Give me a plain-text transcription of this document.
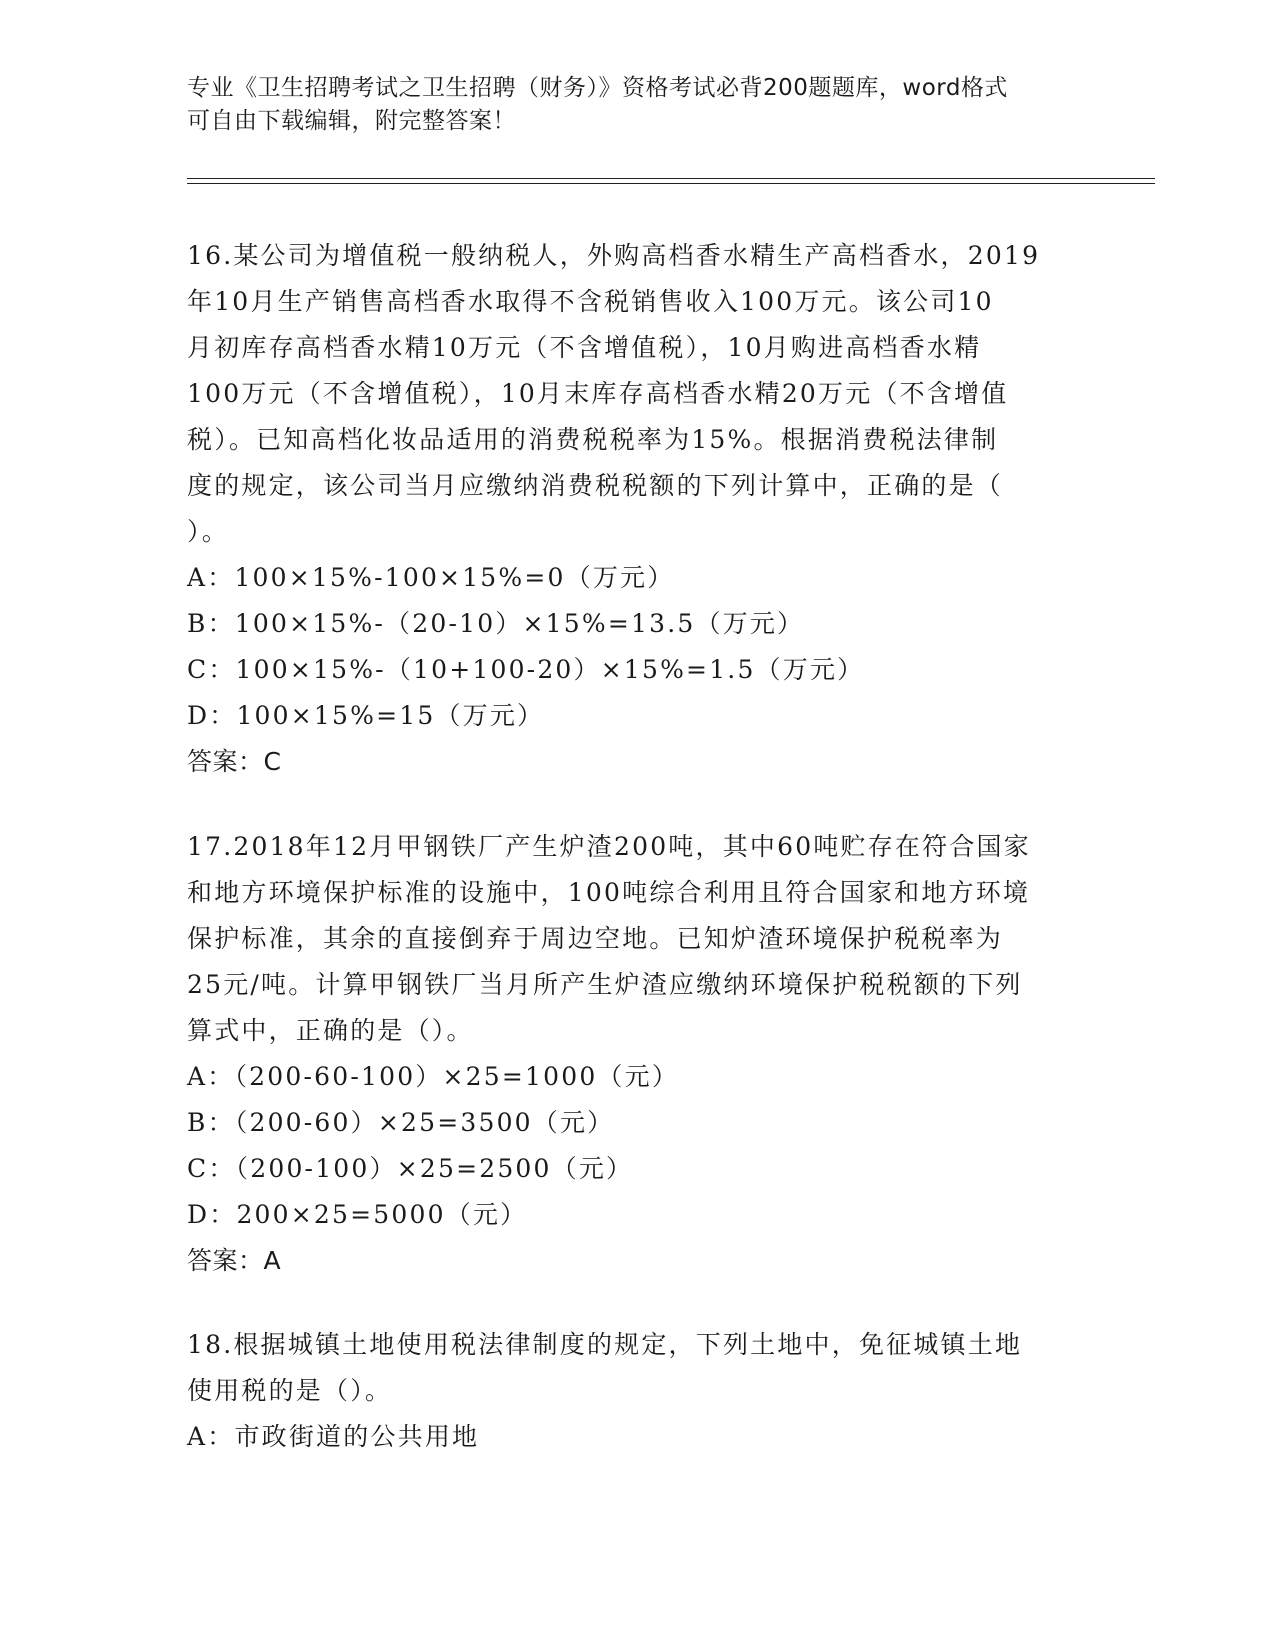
专业《卫生招聘考试之卫生招聘（财务）》资格考试必背200题题库，word格式
可自由下载编辑，附完整答案！
16.某公司为增值税一般纳税人，外购高档香水精生产高档香水，2019
年10月生产销售高档香水取得不含税销售收入100万元。该公司10
月初库存高档香水精10万元（不含增值税），10月购进高档香水精
100万元（不含增值税），10月末库存高档香水精20万元（不含增值
税）。已知高档化妆品适用的消费税税率为15%。根据消费税法律制
度的规定，该公司当月应缴纳消费税税额的下列计算中，正确的是（
）。
A：100×15%-100×15%=0（万元）
B：100×15%-（20-10）×15%=13.5（万元）
C：100×15%-（10+100-20）×15%=1.5（万元）
D：100×15%=15（万元）
答案：C
17.2018年12月甲钢铁厂产生炉渣200吨，其中60吨贮存在符合国家
和地方环境保护标准的设施中，100吨综合利用且符合国家和地方环境
保护标准，其余的直接倒弃于周边空地。已知炉渣环境保护税税率为
25元/吨。计算甲钢铁厂当月所产生炉渣应缴纳环境保护税税额的下列
算式中，正确的是（）。
A：（200-60-100）×25=1000（元）
B：（200-60）×25=3500（元）
C：（200-100）×25=2500（元）
D：200×25=5000（元）
答案：A
18.根据城镇土地使用税法律制度的规定，下列土地中，免征城镇土地
使用税的是（）。
A：市政街道的公共用地
